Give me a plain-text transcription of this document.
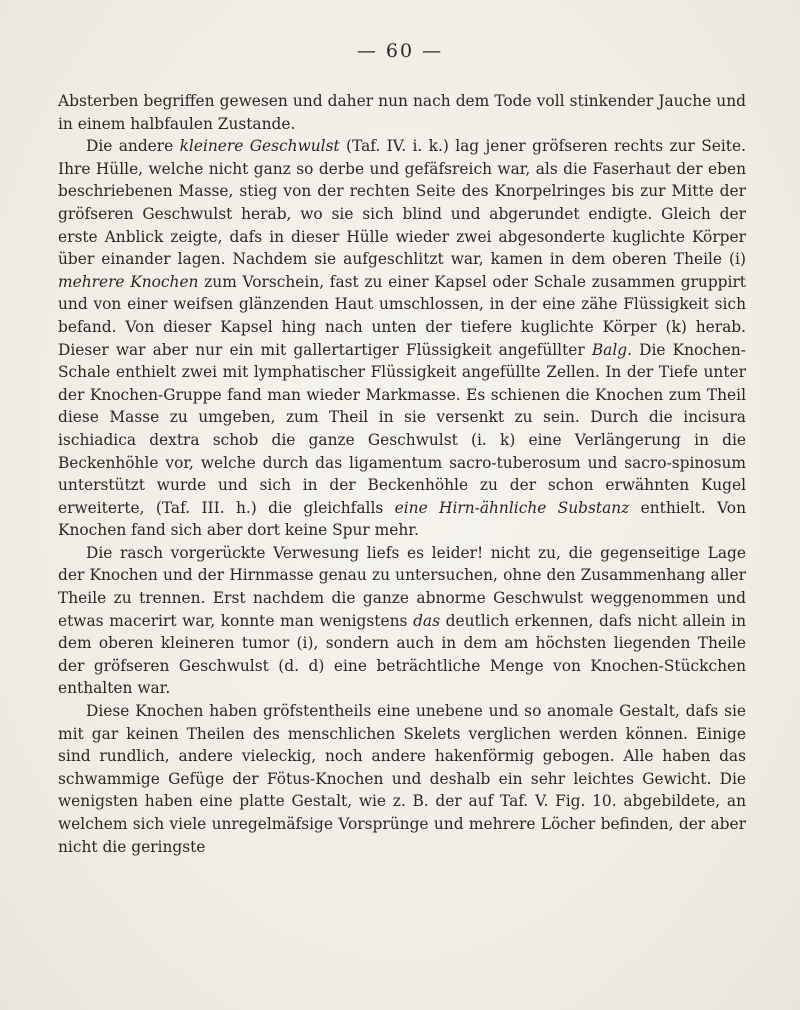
— 60 —

Absterben begriffen gewesen und daher nun nach dem Tode voll stinkender Jauche und in einem halbfaulen Zustande.

Die andere kleinere Geschwulst (Taf. IV. i. k.) lag jener gröfseren rechts zur Seite. Ihre Hülle, welche nicht ganz so derbe und gefäfsreich war, als die Faserhaut der eben beschriebenen Masse, stieg von der rechten Seite des Knorpelringes bis zur Mitte der gröfseren Geschwulst herab, wo sie sich blind und abgerundet endigte. Gleich der erste Anblick zeigte, dafs in dieser Hülle wieder zwei abgesonderte kuglichte Körper über einander lagen. Nachdem sie aufgeschlitzt war, kamen in dem oberen Theile (i) mehrere Knochen zum Vorschein, fast zu einer Kapsel oder Schale zusammen gruppirt und von einer weifsen glänzenden Haut umschlossen, in der eine zähe Flüssigkeit sich befand. Von dieser Kapsel hing nach unten der tiefere kuglichte Körper (k) herab. Dieser war aber nur ein mit gallertartiger Flüssigkeit angefüllter Balg. Die Knochen-Schale enthielt zwei mit lymphatischer Flüssigkeit angefüllte Zellen. In der Tiefe unter der Knochen-Gruppe fand man wieder Markmasse. Es schienen die Knochen zum Theil diese Masse zu umgeben, zum Theil in sie versenkt zu sein. Durch die incisura ischiadica dextra schob die ganze Geschwulst (i. k) eine Verlängerung in die Beckenhöhle vor, welche durch das ligamentum sacro-tuberosum und sacro-spinosum unterstützt wurde und sich in der Beckenhöhle zu der schon erwähnten Kugel erweiterte, (Taf. III. h.) die gleichfalls eine Hirn-ähnliche Substanz enthielt. Von Knochen fand sich aber dort keine Spur mehr.

Die rasch vorgerückte Verwesung liefs es leider! nicht zu, die gegenseitige Lage der Knochen und der Hirnmasse genau zu untersuchen, ohne den Zusammenhang aller Theile zu trennen. Erst nachdem die ganze abnorme Geschwulst weggenommen und etwas macerirt war, konnte man wenigstens das deutlich erkennen, dafs nicht allein in dem oberen kleineren tumor (i), sondern auch in dem am höchsten liegenden Theile der gröfseren Geschwulst (d. d) eine beträchtliche Menge von Knochen-Stückchen enthalten war.

Diese Knochen haben gröfstentheils eine unebene und so anomale Gestalt, dafs sie mit gar keinen Theilen des menschlichen Skelets verglichen werden können. Einige sind rundlich, andere vieleckig, noch andere hakenförmig gebogen. Alle haben das schwammige Gefüge der Fötus-Knochen und deshalb ein sehr leichtes Gewicht. Die wenigsten haben eine platte Gestalt, wie z. B. der auf Taf. V. Fig. 10. abgebildete, an welchem sich viele unregelmäfsige Vorsprünge und mehrere Löcher befinden, der aber nicht die geringste
